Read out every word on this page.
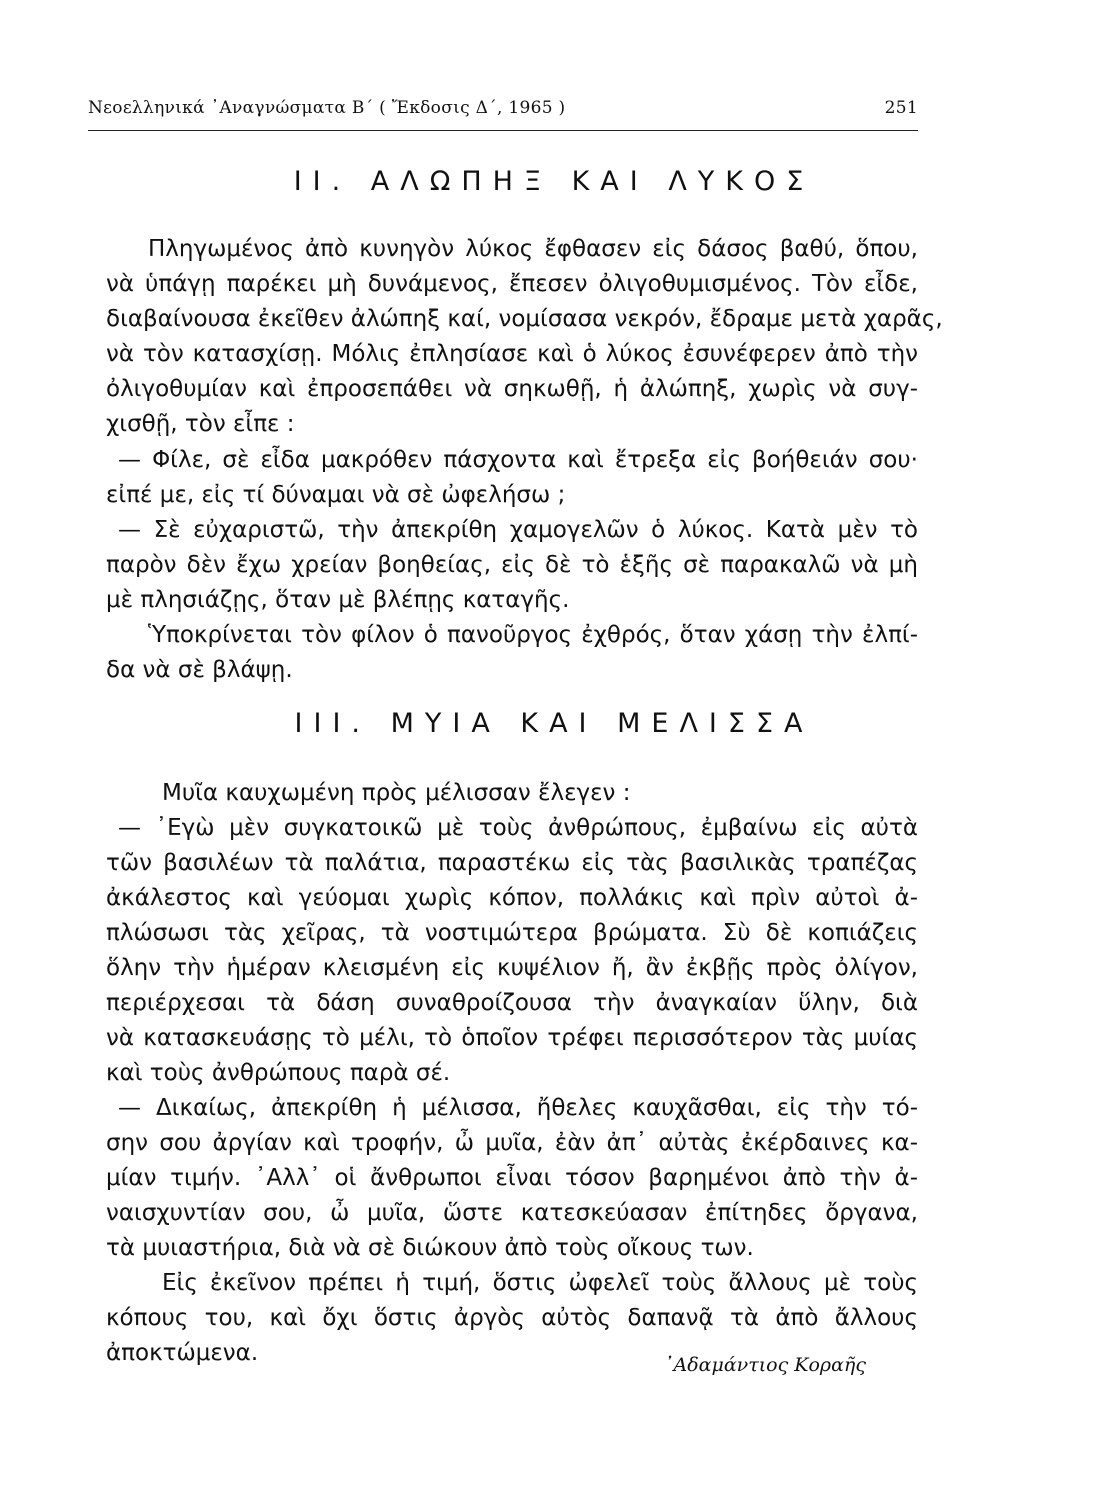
Νεοελληνικά ᾿Αναγνώσματα Β΄ ( Ἔκδοσις Δ΄, 1965 )	251
II. ΑΛΩΠΗΞ ΚΑΙ ΛΥΚΟΣ
Πληγωμένος ἀπὸ κυνηγὸν λύκος ἔφθασεν εἰς δάσος βαθύ, ὅπου,
νὰ ὑπάγῃ παρέκει μὴ δυνάμενος, ἔπεσεν ὀλιγοθυμισμένος. Τὸν εἶδε,
διαβαίνουσα ἐκεῖθεν ἀλώπηξ καί, νομίσασα νεκρόν, ἔδραμε μετὰ χαρᾶς,
νὰ τὸν κατασχίσῃ. Μόλις ἐπλησίασε καὶ ὁ λύκος ἐσυνέφερεν ἀπὸ τὴν
ὀλιγοθυμίαν καὶ ἐπροσεπάθει νὰ σηκωθῇ, ἡ ἀλώπηξ, χωρὶς νὰ συγ-
χισθῇ, τὸν εἶπε :
— Φίλε, σὲ εἶδα μακρόθεν πάσχοντα καὶ ἔτρεξα εἰς βοήθειάν σου·
εἰπέ με, εἰς τί δύναμαι νὰ σὲ ὠφελήσω ;
— Σὲ εὐχαριστῶ, τὴν ἀπεκρίθη χαμογελῶν ὁ λύκος. Κατὰ μὲν τὸ
παρὸν δὲν ἔχω χρείαν βοηθείας, εἰς δὲ τὸ ἑξῆς σὲ παρακαλῶ νὰ μὴ
μὲ πλησιάζῃς, ὅταν μὲ βλέπῃς καταγῆς.
Ὑποκρίνεται τὸν φίλον ὁ πανοῦργος ἐχθρός, ὅταν χάσῃ τὴν ἐλπί-
δα νὰ σὲ βλάψῃ.
III. ΜΥΙΑ ΚΑΙ ΜΕΛΙΣΣΑ
Μυῖα καυχωμένη πρὸς μέλισσαν ἔλεγεν :
— ᾿Εγὼ μὲν συγκατοικῶ μὲ τοὺς ἀνθρώπους, ἐμβαίνω εἰς αὐτὰ
τῶν βασιλέων τὰ παλάτια, παραστέκω εἰς τὰς βασιλικὰς τραπέζας
ἀκάλεστος καὶ γεύομαι χωρὶς κόπον, πολλάκις καὶ πρὶν αὐτοὶ ἀ-
πλώσωσι τὰς χεῖρας, τὰ νοστιμώτερα βρώματα. Σὺ δὲ κοπιάζεις
ὅλην τὴν ἡμέραν κλεισμένη εἰς κυψέλιον ἤ, ἂν ἐκβῇς πρὸς ὀλίγον,
περιέρχεσαι τὰ δάση συναθροίζουσα τὴν ἀναγκαίαν ὕλην, διὰ
νὰ κατασκευάσῃς τὸ μέλι, τὸ ὁποῖον τρέφει περισσότερον τὰς μυίας
καὶ τοὺς ἀνθρώπους παρὰ σέ.
— Δικαίως, ἀπεκρίθη ἡ μέλισσα, ἤθελες καυχᾶσθαι, εἰς τὴν τό-
σην σου ἀργίαν καὶ τροφήν, ὦ μυῖα, ἐὰν ἀπ᾿ αὐτὰς ἐκέρδαινες κα-
μίαν τιμήν. ᾿Αλλ᾿ οἱ ἄνθρωποι εἶναι τόσον βαρημένοι ἀπὸ τὴν ἀ-
ναισχυντίαν σου, ὦ μυῖα, ὥστε κατεσκεύασαν ἐπίτηδες ὄργανα,
τὰ μυιαστήρια, διὰ νὰ σὲ διώκουν ἀπὸ τοὺς οἴκους των.
Εἰς ἐκεῖνον πρέπει ἡ τιμή, ὅστις ὠφελεῖ τοὺς ἄλλους μὲ τοὺς
κόπους του, καὶ ὄχι ὅστις ἀργὸς αὐτὸς δαπανᾷ τὰ ἀπὸ ἄλλους
ἀποκτώμενα.	᾿Αδαμάντιος Κοραῆς
